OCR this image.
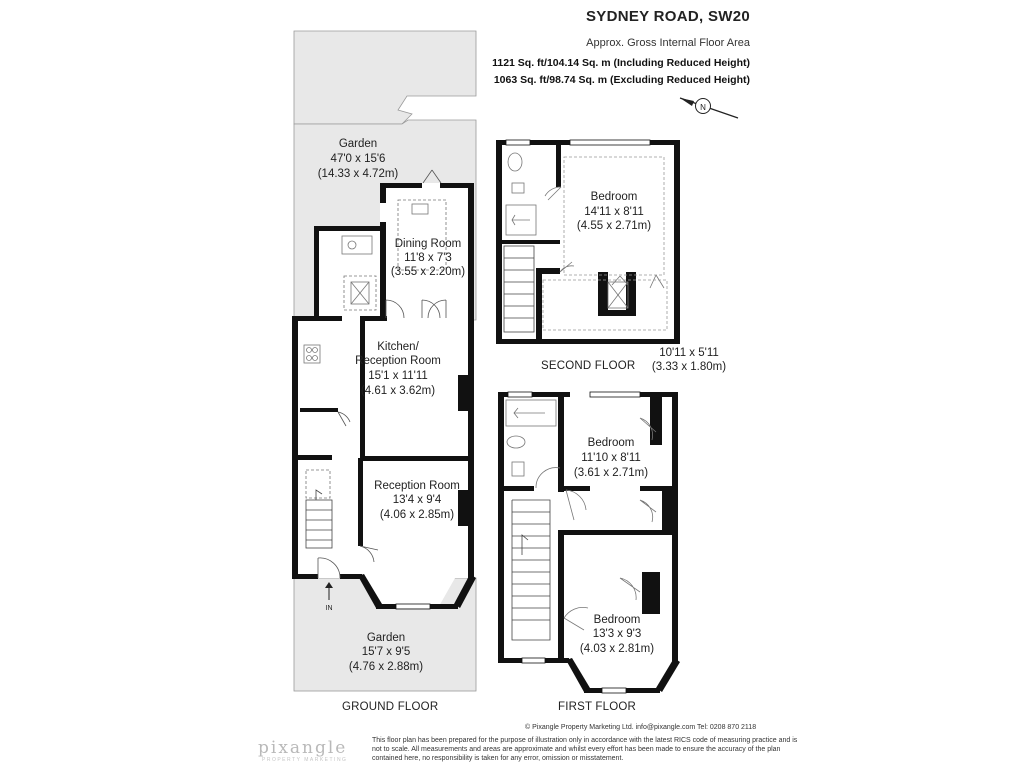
SYDNEY ROAD, SW20
Approx. Gross Internal Floor Area
1121 Sq. ft/104.14 Sq. m (Including Reduced Height)
1063 Sq. ft/98.74 Sq. m (Excluding Reduced Height)
N
IN
Garden
47'0 x 15'6
(14.33 x 4.72m)
Dining Room
11'8 x 7'3
(3.55 x 2.20m)
Kitchen/
Reception Room
15'1 x 11'11
(4.61 x 3.62m)
Reception Room
13'4 x 9'4
(4.06 x 2.85m)
Garden
15'7 x 9'5
(4.76 x 2.88m)
Bedroom
14'11 x 8'11
(4.55 x 2.71m)
10'11 x 5'11
(3.33 x 1.80m)
Bedroom
11'10 x 8'11
(3.61 x 2.71m)
Bedroom
13'3 x 9'3
(4.03 x 2.81m)
GROUND FLOOR	FIRST FLOOR
SECOND FLOOR
© Pixangle Property Marketing Ltd. info@pixangle.com Tel: 0208 870 2118
This floor plan has been prepared for the purpose of illustration only in accordance with the latest RICS code of measuring practice and is
not to scale. All measurements and areas are approximate and whilst every effort has been made to ensure the accuracy of the plan
contained here, no responsibility is taken for any error, omission or misstatement.
pixangle
PROPERTY MARKETING
